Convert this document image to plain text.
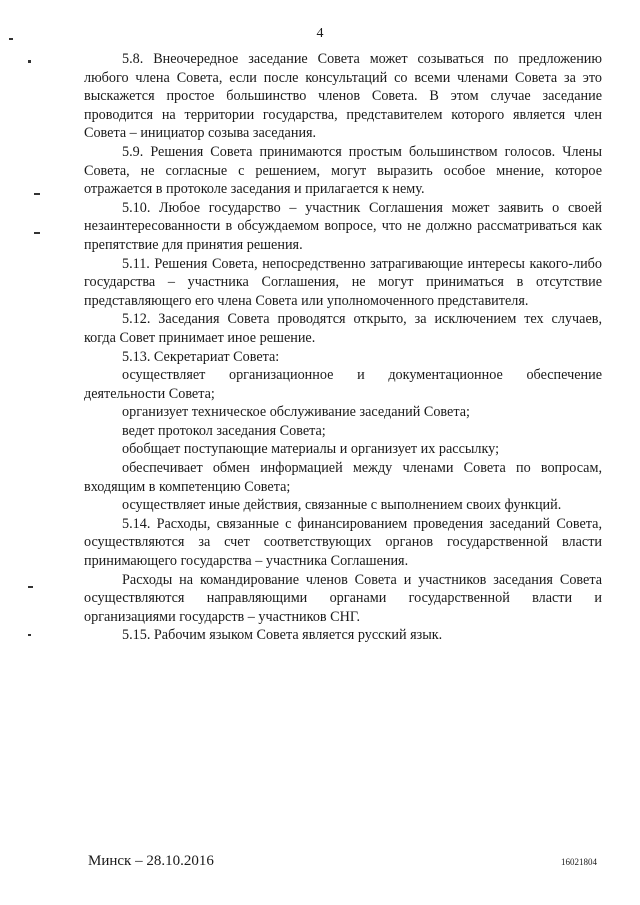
4

5.8. Внеочередное заседание Совета может созываться по предложению любого члена Совета, если после консультаций со всеми членами Совета за это выскажется простое большинство членов Совета. В этом случае заседание проводится на территории государства, представителем которого является член Совета – инициатор созыва заседания.

5.9. Решения Совета принимаются простым большинством голосов. Члены Совета, не согласные с решением, могут выразить особое мнение, которое отражается в протоколе заседания и прилагается к нему.

5.10. Любое государство – участник Соглашения может заявить о своей незаинтересованности в обсуждаемом вопросе, что не должно рассматриваться как препятствие для принятия решения.

5.11. Решения Совета, непосредственно затрагивающие интересы какого-либо государства – участника Соглашения, не могут приниматься в отсутствие представляющего его члена Совета или уполномоченного представителя.

5.12. Заседания Совета проводятся открыто, за исключением тех случаев, когда Совет принимает иное решение.

5.13. Секретариат Совета:

осуществляет организационное и документационное обеспечение деятельности Совета;

организует техническое обслуживание заседаний Совета;

ведет протокол заседания Совета;

обобщает поступающие материалы и организует их рассылку;

обеспечивает обмен информацией между членами Совета по вопросам, входящим в компетенцию Совета;

осуществляет иные действия, связанные с выполнением своих функций.

5.14. Расходы, связанные с финансированием проведения заседаний Совета, осуществляются за счет соответствующих органов государственной власти принимающего государства – участника Соглашения.

Расходы на командирование членов Совета и участников заседания Совета осуществляются направляющими органами государственной власти и организациями государств – участников СНГ.

5.15. Рабочим языком Совета является русский язык.

Минск – 28.10.2016	16021804
